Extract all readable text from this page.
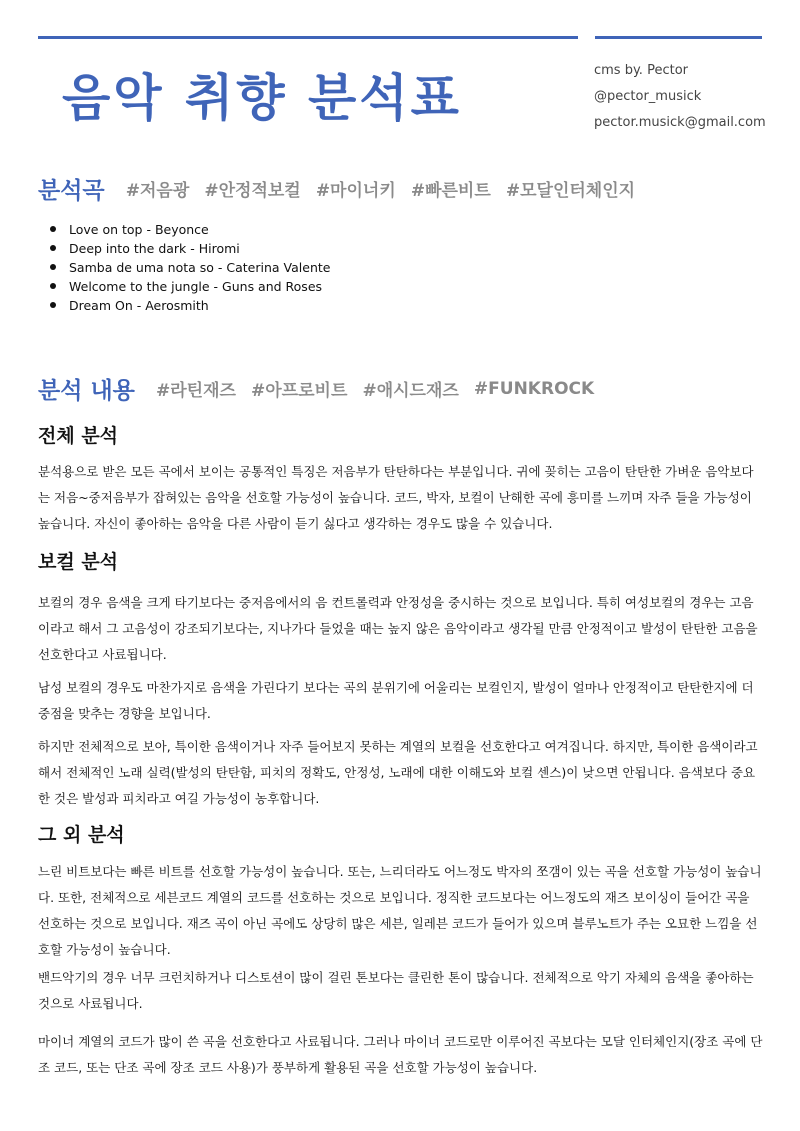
음악 취향 분석표	cms by. Pector
@pector_musick
pector.musick@gmail.com
분석곡 #저음광 #안정적보컬 #마이너키 #빠른비트 #모달인터체인지
Love on top - Beyonce
Deep into the dark - Hiromi
Samba de uma nota so - Caterina Valente
Welcome to the jungle - Guns and Roses
Dream On - Aerosmith
분석 내용 #라틴재즈 #아프로비트 #애시드재즈 #FUNKROCK
전체 분석

분석용으로 받은 모든 곡에서 보이는 공통적인 특징은 저음부가 탄탄하다는 부분입니다. 귀에 꽂히는 고음이 탄탄한 가벼운 음악보다는 저음~중저음부가 잡혀있는 음악을 선호할 가능성이 높습니다. 코드, 박자, 보컬이 난해한 곡에 흥미를 느끼며 자주 들을 가능성이 높습니다. 자신이 좋아하는 음악을 다른 사람이 듣기 싫다고 생각하는 경우도 많을 수 있습니다.

보컬 분석

보컬의 경우 음색을 크게 타기보다는 중저음에서의 음 컨트롤력과 안정성을 중시하는 것으로 보입니다. 특히 여성보컬의 경우는 고음이라고 해서 그 고음성이 강조되기보다는, 지나가다 들었을 때는 높지 않은 음악이라고 생각될 만큼 안정적이고 발성이 탄탄한 고음을 선호한다고 사료됩니다.

남성 보컬의 경우도 마찬가지로 음색을 가린다기 보다는 곡의 분위기에 어울리는 보컬인지, 발성이 얼마나 안정적이고 탄탄한지에 더 중점을 맞추는 경향을 보입니다.

하지만 전체적으로 보아, 특이한 음색이거나 자주 들어보지 못하는 계열의 보컬을 선호한다고 여겨집니다. 하지만, 특이한 음색이라고 해서 전체적인 노래 실력(발성의 탄탄함, 피치의 정확도, 안정성, 노래에 대한 이해도와 보컬 센스)이 낮으면 안됩니다. 음색보다 중요한 것은 발성과 피치라고 여길 가능성이 농후합니다.

그 외 분석

느린 비트보다는 빠른 비트를 선호할 가능성이 높습니다. 또는, 느리더라도 어느정도 박자의 쪼갬이 있는 곡을 선호할 가능성이 높습니다. 또한, 전체적으로 세븐코드 계열의 코드를 선호하는 것으로 보입니다. 정직한 코드보다는 어느정도의 재즈 보이싱이 들어간 곡을 선호하는 것으로 보입니다. 재즈 곡이 아닌 곡에도 상당히 많은 세븐, 일레븐 코드가 들어가 있으며 블루노트가 주는 오묘한 느낌을 선호할 가능성이 높습니다.

밴드악기의 경우 너무 크런치하거나 디스토션이 많이 걸린 톤보다는 클린한 톤이 많습니다. 전체적으로 악기 자체의 음색을 좋아하는 것으로 사료됩니다.

마이너 계열의 코드가 많이 쓴 곡을 선호한다고 사료됩니다. 그러나 마이너 코드로만 이루어진 곡보다는 모달 인터체인지(장조 곡에 단조 코드, 또는 단조 곡에 장조 코드 사용)가 풍부하게 활용된 곡을 선호할 가능성이 높습니다.
